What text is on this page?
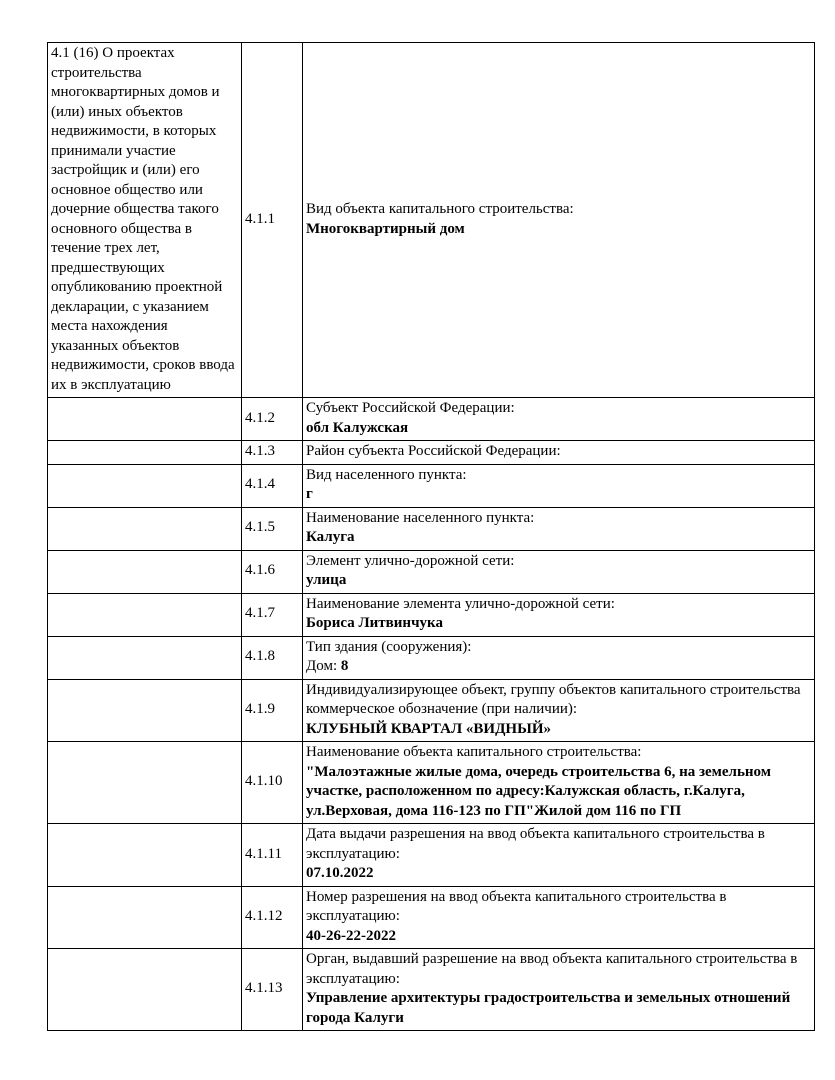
4.1 (16) О проектах строительства многоквартирных домов и (или) иных объектов недвижимости, в которых принимали участие застройщик и (или) его основное общество или дочерние общества такого основного общества в течение трех лет, предшествующих опубликованию проектной декларации, с указанием места нахождения указанных объектов недвижимости, сроков ввода их в эксплуатацию	4.1.1	Вид объекта капитального строительства:
Многоквартирный дом

	4.1.2	Субъект Российской Федерации:
обл Калужская

	4.1.3	Район субъекта Российской Федерации:

	4.1.4	Вид населенного пункта:
г

	4.1.5	Наименование населенного пункта:
Калуга

	4.1.6	Элемент улично-дорожной сети:
улица

	4.1.7	Наименование элемента улично-дорожной сети:
Бориса Литвинчука

	4.1.8	Тип здания (сооружения):
Дом: 8

	4.1.9	Индивидуализирующее объект, группу объектов капитального строительства коммерческое обозначение (при наличии):
КЛУБНЫЙ КВАРТАЛ «ВИДНЫЙ»

	4.1.10	Наименование объекта капитального строительства:
"Малоэтажные жилые дома, очередь строительства 6, на земельном участке, расположенном по адресу:Калужская область, г.Калуга, ул.Верховая, дома 116-123 по ГП"Жилой дом 116 по ГП

	4.1.11	Дата выдачи разрешения на ввод объекта капитального строительства в эксплуатацию:
07.10.2022

	4.1.12	Номер разрешения на ввод объекта капитального строительства в эксплуатацию:
40-26-22-2022

	4.1.13	Орган, выдавший разрешение на ввод объекта капитального строительства в эксплуатацию:
Управление архитектуры градостроительства и земельных отношений города Калуги
